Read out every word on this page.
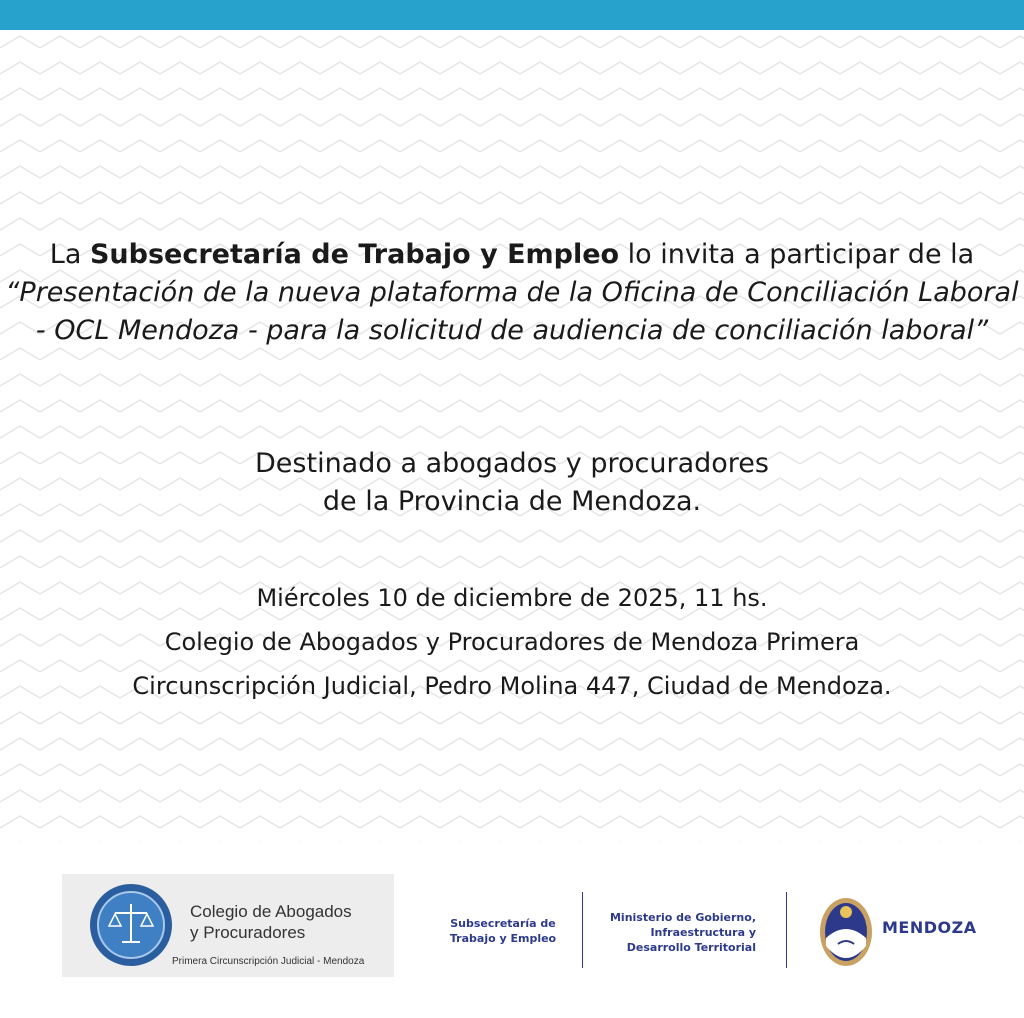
La Subsecretaría de Trabajo y Empleo lo invita a participar de la “Presentación de la nueva plataforma de la Oficina de Conciliación Laboral - OCL Mendoza - para la solicitud de audiencia de conciliación laboral”
Destinado a abogados y procuradores
de la Provincia de Mendoza.
Miércoles 10 de diciembre de 2025, 11 hs.
Colegio de Abogados y Procuradores de Mendoza Primera
Circunscripción Judicial, Pedro Molina 447, Ciudad de Mendoza.
Colegio de Abogados
y Procuradores
Primera Circunscripción Judicial - Mendoza
Subsecretaría de
Trabajo y Empleo
Ministerio de Gobierno,
Infraestructura y
Desarrollo Territorial
MENDOZA
